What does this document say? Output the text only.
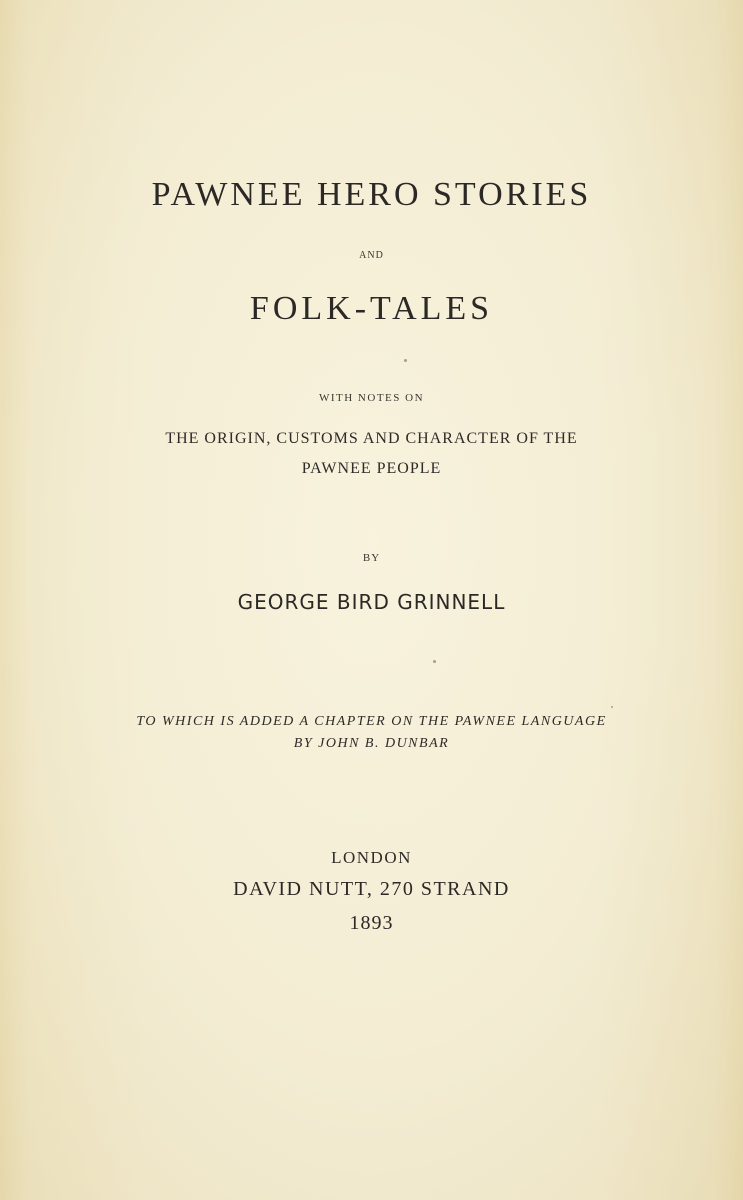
PAWNEE HERO STORIES
AND
FOLK-TALES
WITH NOTES ON
THE ORIGIN, CUSTOMS AND CHARACTER OF THE
PAWNEE PEOPLE
BY
GEORGE BIRD GRINNELL
TO WHICH IS ADDED A CHAPTER ON THE PAWNEE LANGUAGE
BY JOHN B. DUNBAR
LONDON
DAVID NUTT, 270 STRAND
1893
